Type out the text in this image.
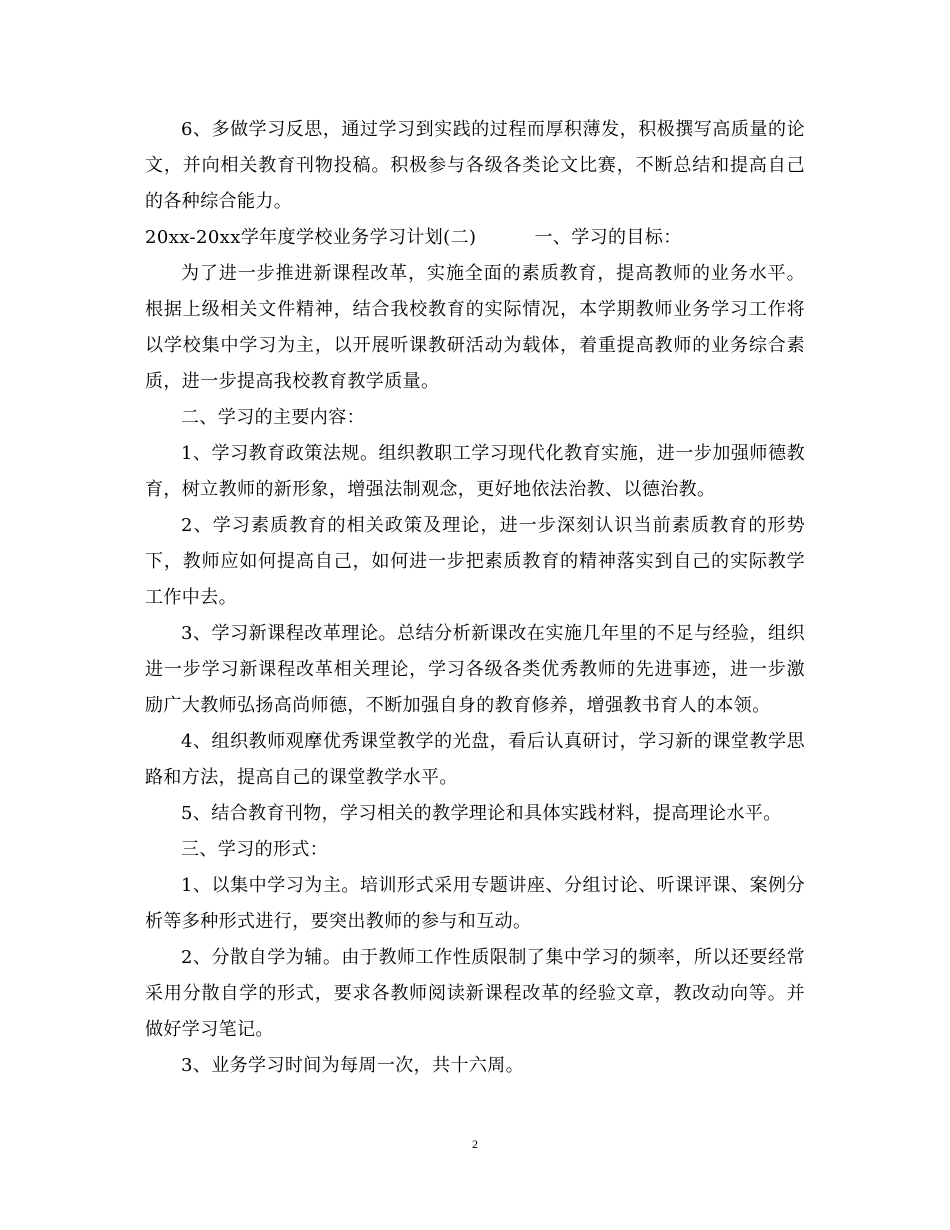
6、多做学习反思，通过学习到实践的过程而厚积薄发，积极撰写高质量的论文，并向相关教育刊物投稿。积极参与各级各类论文比赛，不断总结和提高自己的各种综合能力。

20xx-20xx学年度学校业务学习计划(二)	一、学习的目标：

为了进一步推进新课程改革，实施全面的素质教育，提高教师的业务水平。根据上级相关文件精神，结合我校教育的实际情况，本学期教师业务学习工作将以学校集中学习为主，以开展听课教研活动为载体，着重提高教师的业务综合素质，进一步提高我校教育教学质量。

二、学习的主要内容：

1、学习教育政策法规。组织教职工学习现代化教育实施，进一步加强师德教育，树立教师的新形象，增强法制观念，更好地依法治教、以德治教。

2、学习素质教育的相关政策及理论，进一步深刻认识当前素质教育的形势下，教师应如何提高自己，如何进一步把素质教育的精神落实到自己的实际教学工作中去。

3、学习新课程改革理论。总结分析新课改在实施几年里的不足与经验，组织进一步学习新课程改革相关理论，学习各级各类优秀教师的先进事迹，进一步激励广大教师弘扬高尚师德，不断加强自身的教育修养，增强教书育人的本领。

4、组织教师观摩优秀课堂教学的光盘，看后认真研讨，学习新的课堂教学思路和方法，提高自己的课堂教学水平。

5、结合教育刊物，学习相关的教学理论和具体实践材料，提高理论水平。

三、学习的形式：

1、以集中学习为主。培训形式采用专题讲座、分组讨论、听课评课、案例分析等多种形式进行，要突出教师的参与和互动。

2、分散自学为辅。由于教师工作性质限制了集中学习的频率，所以还要经常采用分散自学的形式，要求各教师阅读新课程改革的经验文章，教改动向等。并做好学习笔记。

3、业务学习时间为每周一次，共十六周。

2
